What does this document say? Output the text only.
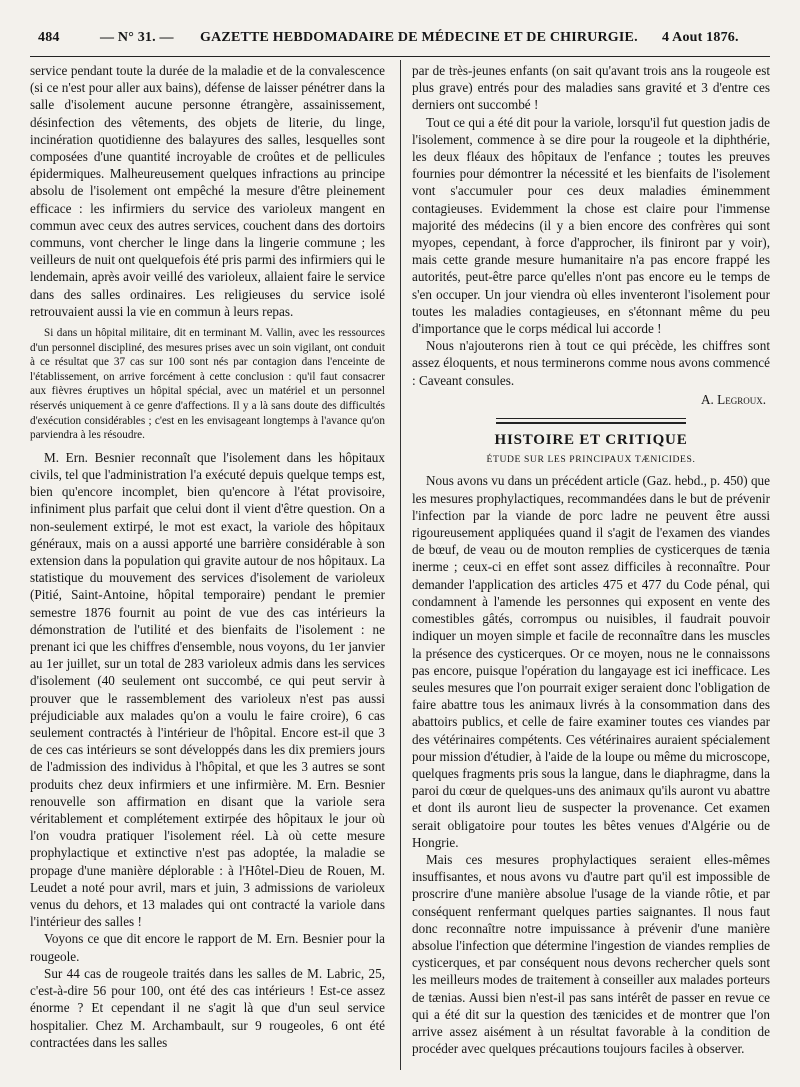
484	— N° 31. — GAZETTE HEBDOMADAIRE DE MÉDECINE ET DE CHIRURGIE. 4 Aout 1876.

service pendant toute la durée de la maladie et de la convalescence (si ce n'est pour aller aux bains), défense de laisser pénétrer dans la salle d'isolement aucune personne étrangère, assainissement, désinfection des vêtements, des objets de literie, du linge, incinération quotidienne des balayures des salles, lesquelles sont composées d'une quantité incroyable de croûtes et de pellicules épidermiques. Malheureusement quelques infractions au principe absolu de l'isolement ont empêché la mesure d'être pleinement efficace : les infirmiers du service des varioleux mangent en commun avec ceux des autres services, couchent dans des dortoirs communs, vont chercher le linge dans la lingerie commune ; les veilleurs de nuit ont quelquefois été pris parmi des infirmiers qui le lendemain, après avoir veillé des varioleux, allaient faire le service dans des salles ordinaires. Les religieuses du service isolé retrouvaient aussi la vie en commun à leurs repas.

Si dans un hôpital militaire, dit en terminant M. Vallin, avec les ressources d'un personnel discipliné, des mesures prises avec un soin vigilant, ont conduit à ce résultat que 37 cas sur 100 sont nés par contagion dans l'enceinte de l'établissement, on arrive forcément à cette conclusion : qu'il faut consacrer aux fièvres éruptives un hôpital spécial, avec un matériel et un personnel réservés uniquement à ce genre d'affections. Il y a là sans doute des difficultés d'exécution considérables ; c'est en les envisageant longtemps à l'avance qu'on parviendra à les résoudre.

M. Ern. Besnier reconnaît que l'isolement dans les hôpitaux civils, tel que l'administration l'a exécuté depuis quelque temps est, bien qu'encore incomplet, bien qu'encore à l'état provisoire, infiniment plus parfait que celui dont il vient d'être question. On a non-seulement extirpé, le mot est exact, la variole des hôpitaux généraux, mais on a aussi apporté une barrière considérable à son extension dans la population qui gravite autour de nos hôpitaux. La statistique du mouvement des services d'isolement de varioleux (Pitié, Saint-Antoine, hôpital temporaire) pendant le premier semestre 1876 fournit au point de vue des cas intérieurs la démonstration de l'utilité et des bienfaits de l'isolement : ne prenant ici que les chiffres d'ensemble, nous voyons, du 1er janvier au 1er juillet, sur un total de 283 varioleux admis dans les services d'isolement (40 seulement ont succombé, ce qui peut servir à prouver que le rassemblement des varioleux n'est pas aussi préjudiciable aux malades qu'on a voulu le faire croire), 6 cas seulement contractés à l'intérieur de l'hôpital. Encore est-il que 3 de ces cas intérieurs se sont développés dans les dix premiers jours de l'admission des individus à l'hôpital, et que les 3 autres se sont produits chez deux infirmiers et une infirmière. M. Ern. Besnier renouvelle son affirmation en disant que la variole sera véritablement et complétement extirpée des hôpitaux le jour où l'on voudra pratiquer l'isolement réel. Là où cette mesure prophylactique et extinctive n'est pas adoptée, la maladie se propage d'une manière déplorable : à l'Hôtel-Dieu de Rouen, M. Leudet a noté pour avril, mars et juin, 3 admissions de varioleux venus du dehors, et 13 malades qui ont contracté la variole dans l'intérieur des salles !

Voyons ce que dit encore le rapport de M. Ern. Besnier pour la rougeole.

Sur 44 cas de rougeole traités dans les salles de M. Labric, 25, c'est-à-dire 56 pour 100, ont été des cas intérieurs ! Est-ce assez énorme ? Et cependant il ne s'agit là que d'un seul service hospitalier. Chez M. Archambault, sur 9 rougeoles, 6 ont été contractées dans les salles

par de très-jeunes enfants (on sait qu'avant trois ans la rougeole est plus grave) entrés pour des maladies sans gravité et 3 d'entre ces derniers ont succombé !

Tout ce qui a été dit pour la variole, lorsqu'il fut question jadis de l'isolement, commence à se dire pour la rougeole et la diphthérie, les deux fléaux des hôpitaux de l'enfance ; toutes les preuves fournies pour démontrer la nécessité et les bienfaits de l'isolement vont s'accumuler pour ces deux maladies éminemment contagieuses. Evidemment la chose est claire pour l'immense majorité des médecins (il y a bien encore des confrères qui sont myopes, cependant, à force d'approcher, ils finiront par y voir), mais cette grande mesure humanitaire n'a pas encore frappé les autorités, peut-être parce qu'elles n'ont pas encore eu le temps de s'en occuper. Un jour viendra où elles inventeront l'isolement pour toutes les maladies contagieuses, en s'étonnant même du peu d'importance que le corps médical lui accorde !

Nous n'ajouterons rien à tout ce qui précède, les chiffres sont assez éloquents, et nous terminerons comme nous avons commencé : Caveant consules.

A. Legroux.
HISTOIRE ET CRITIQUE
ÉTUDE SUR LES PRINCIPAUX TÆNICIDES.

Nous avons vu dans un précédent article (Gaz. hebd., p. 450) que les mesures prophylactiques, recommandées dans le but de prévenir l'infection par la viande de porc ladre ne peuvent être aussi rigoureusement appliquées quand il s'agit de l'examen des viandes de bœuf, de veau ou de mouton remplies de cysticerques de tænia inerme ; ceux-ci en effet sont assez difficiles à reconnaître. Pour demander l'application des articles 475 et 477 du Code pénal, qui condamnent à l'amende les personnes qui exposent en vente des comestibles gâtés, corrompus ou nuisibles, il faudrait pouvoir indiquer un moyen simple et facile de reconnaître dans les muscles la présence des cysticerques. Or ce moyen, nous ne le connaissons pas encore, puisque l'opération du langayage est ici inefficace. Les seules mesures que l'on pourrait exiger seraient donc l'obligation de faire abattre tous les animaux livrés à la consommation dans des abattoirs publics, et celle de faire examiner toutes ces viandes par des vétérinaires compétents. Ces vétérinaires auraient spécialement pour mission d'étudier, à l'aide de la loupe ou même du microscope, quelques fragments pris sous la langue, dans le diaphragme, dans la paroi du cœur de quelques-uns des animaux qu'ils auront vu abattre et dont ils auront lieu de suspecter la provenance. Cet examen serait obligatoire pour toutes les bêtes venues d'Algérie ou de Hongrie.

Mais ces mesures prophylactiques seraient elles-mêmes insuffisantes, et nous avons vu d'autre part qu'il est impossible de proscrire d'une manière absolue l'usage de la viande rôtie, et par conséquent renfermant quelques parties saignantes. Il nous faut donc reconnaître notre impuissance à prévenir d'une manière absolue l'infection que détermine l'ingestion de viandes remplies de cysticerques, et par conséquent nous devons rechercher quels sont les meilleurs modes de traitement à conseiller aux malades porteurs de tænias. Aussi bien n'est-il pas sans intérêt de passer en revue ce qui a été dit sur la question des tænicides et de montrer que l'on arrive assez aisément à un résultat favorable à la condition de procéder avec quelques précautions toujours faciles à observer.
